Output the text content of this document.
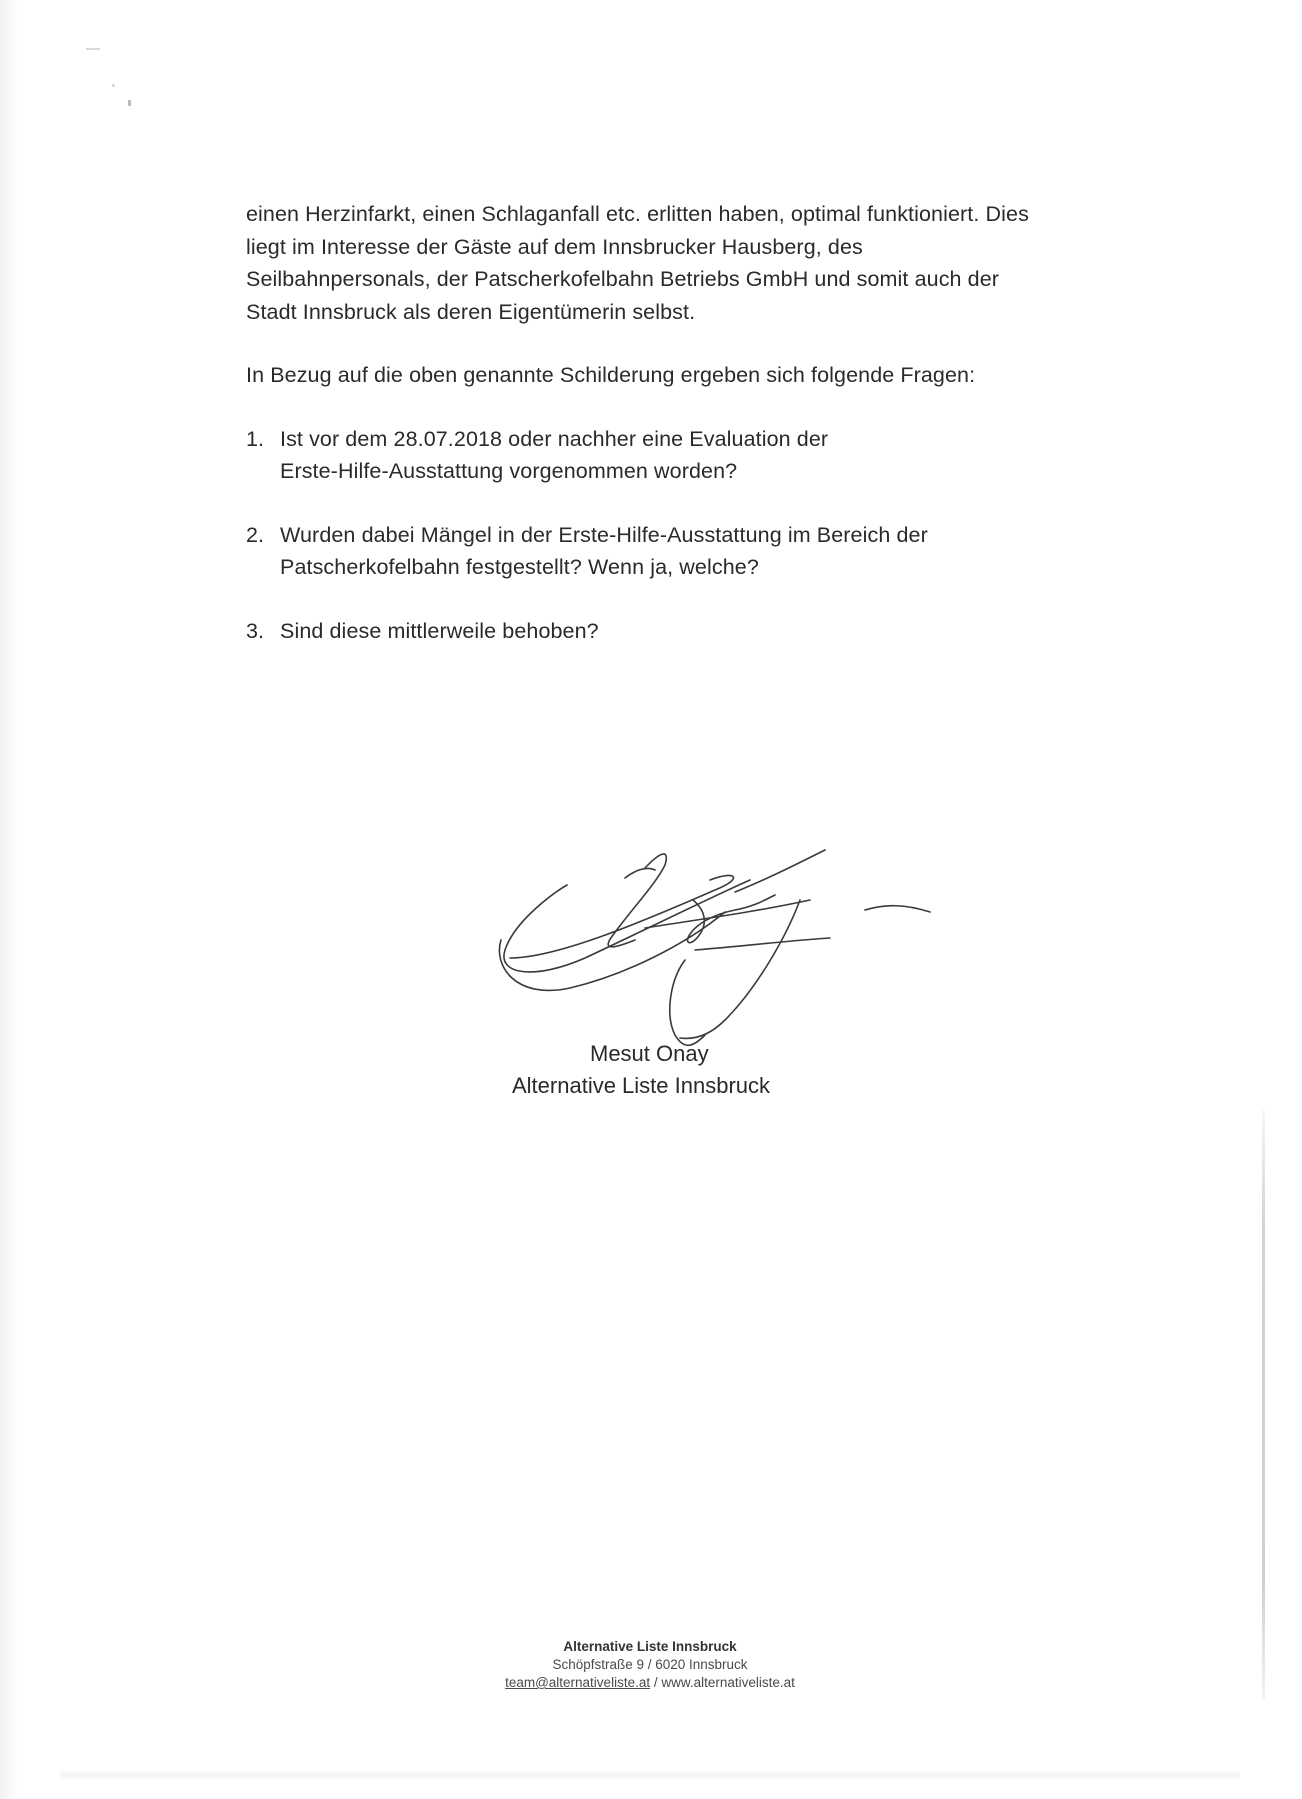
einen Herzinfarkt, einen Schlaganfall etc. erlitten haben, optimal funktioniert. Dies
liegt im Interesse der Gäste auf dem Innsbrucker Hausberg, des
Seilbahnpersonals, der Patscherkofelbahn Betriebs GmbH und somit auch der
Stadt Innsbruck als deren Eigentümerin selbst.

In Bezug auf die oben genannte Schilderung ergeben sich folgende Fragen:

1. Ist vor dem 28.07.2018 oder nachher eine Evaluation der
Erste-Hilfe-Ausstattung vorgenommen worden?
2. Wurden dabei Mängel in der Erste-Hilfe-Ausstattung im Bereich der
Patscherkofelbahn festgestellt? Wenn ja, welche?
3. Sind diese mittlerweile behoben?
Mesut Onay
Alternative Liste Innsbruck
Alternative Liste Innsbruck
Schöpfstraße 9 / 6020 Innsbruck
team@alternativeliste.at / www.alternativeliste.at
